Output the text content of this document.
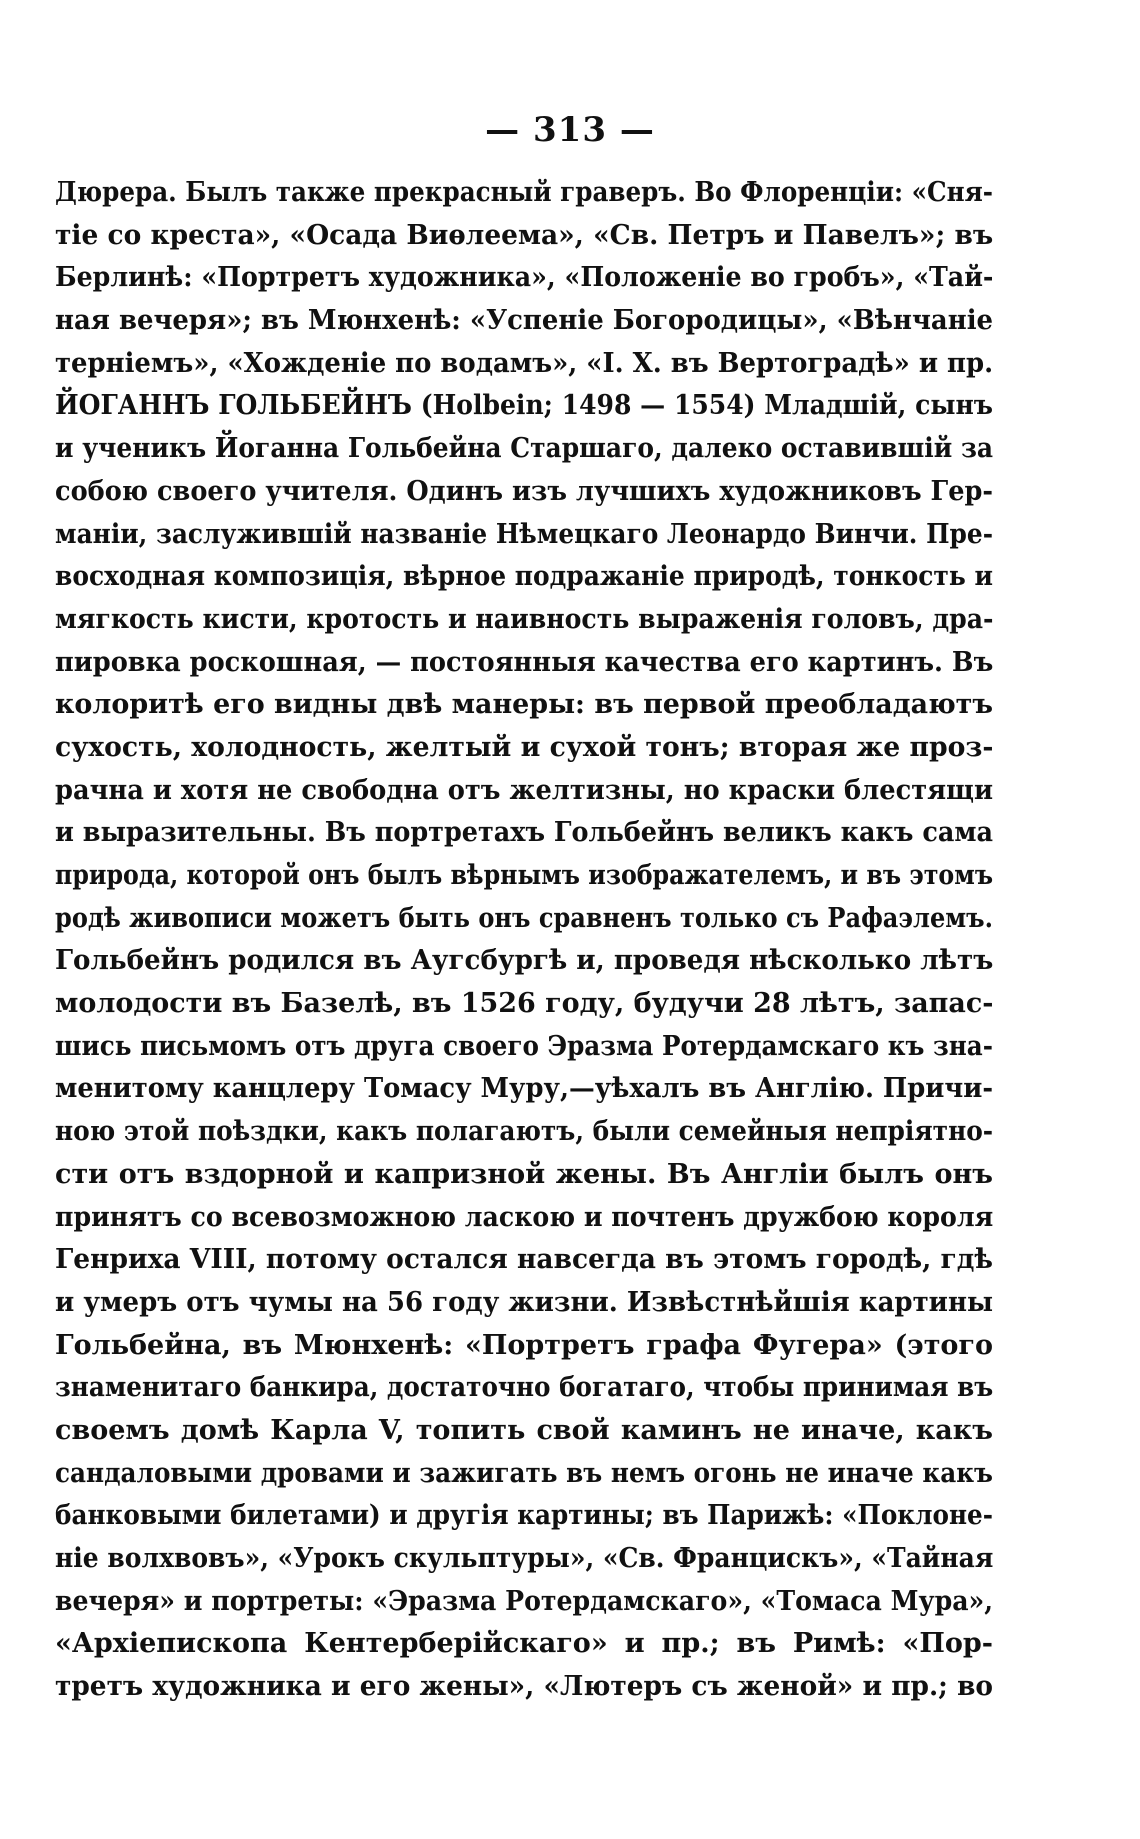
— 313 —
Дюрера. Былъ также прекрасный граверъ. Во Флоренціи: «Сня-
тіе со креста», «Осада Виѳлеема», «Св. Петръ и Павелъ»; въ
Берлинѣ: «Портретъ художника», «Положеніе во гробъ», «Тай-
ная вечеря»; въ Мюнхенѣ: «Успеніе Богородицы», «Вѣнчаніе
терніемъ», «Хожденіе по водамъ», «І. Х. въ Вертоградѣ» и пр.
ЙОГАННЪ ГОЛЬБЕЙНЪ (Holbein; 1498 — 1554) Младшій, сынъ
и ученикъ Йоганна Гольбейна Старшаго, далеко оставившій за
собою своего учителя. Одинъ изъ лучшихъ художниковъ Гер-
маніи, заслужившій названіе Нѣмецкаго Леонардо Винчи. Пре-
восходная композиція, вѣрное подражаніе природѣ, тонкость и
мягкость кисти, кротость и наивность выраженія головъ, дра-
пировка роскошная, — постоянныя качества его картинъ. Въ
колоритѣ его видны двѣ манеры: въ первой преобладаютъ
сухость, холодность, желтый и сухой тонъ; вторая же проз-
рачна и хотя не свободна отъ желтизны, но краски блестящи
и выразительны. Въ портретахъ Гольбейнъ великъ какъ сама
природа, которой онъ былъ вѣрнымъ изображателемъ, и въ этомъ
родѣ живописи можетъ быть онъ сравненъ только съ Рафаэлемъ.
Гольбейнъ родился въ Аугсбургѣ и, проведя нѣсколько лѣтъ
молодости въ Базелѣ, въ 1526 году, будучи 28 лѣтъ, запас-
шись письмомъ отъ друга своего Эразма Ротердамскаго къ зна-
менитому канцлеру Томасу Муру,—уѣхалъ въ Англію. Причи-
ною этой поѣздки, какъ полагаютъ, были семейныя непріятно-
сти отъ вздорной и капризной жены. Въ Англіи былъ онъ
принятъ со всевозможною ласкою и почтенъ дружбою короля
Генриха VIII, потому остался навсегда въ этомъ городѣ, гдѣ
и умеръ отъ чумы на 56 году жизни. Извѣстнѣйшія картины
Гольбейна, въ Мюнхенѣ: «Портретъ графа Фугера» (этого
знаменитаго банкира, достаточно богатаго, чтобы принимая въ
своемъ домѣ Карла V, топить свой каминъ не иначе, какъ
сандаловыми дровами и зажигать въ немъ огонь не иначе какъ
банковыми билетами) и другія картины; въ Парижѣ: «Поклоне-
ніе волхвовъ», «Урокъ скульптуры», «Св. Францискъ», «Тайная
вечеря» и портреты: «Эразма Ротердамскаго», «Томаса Мура»,
«Архіепископа Кентерберійскаго» и пр.; въ Римѣ: «Пор-
третъ художника и его жены», «Лютеръ съ женой» и пр.; во
